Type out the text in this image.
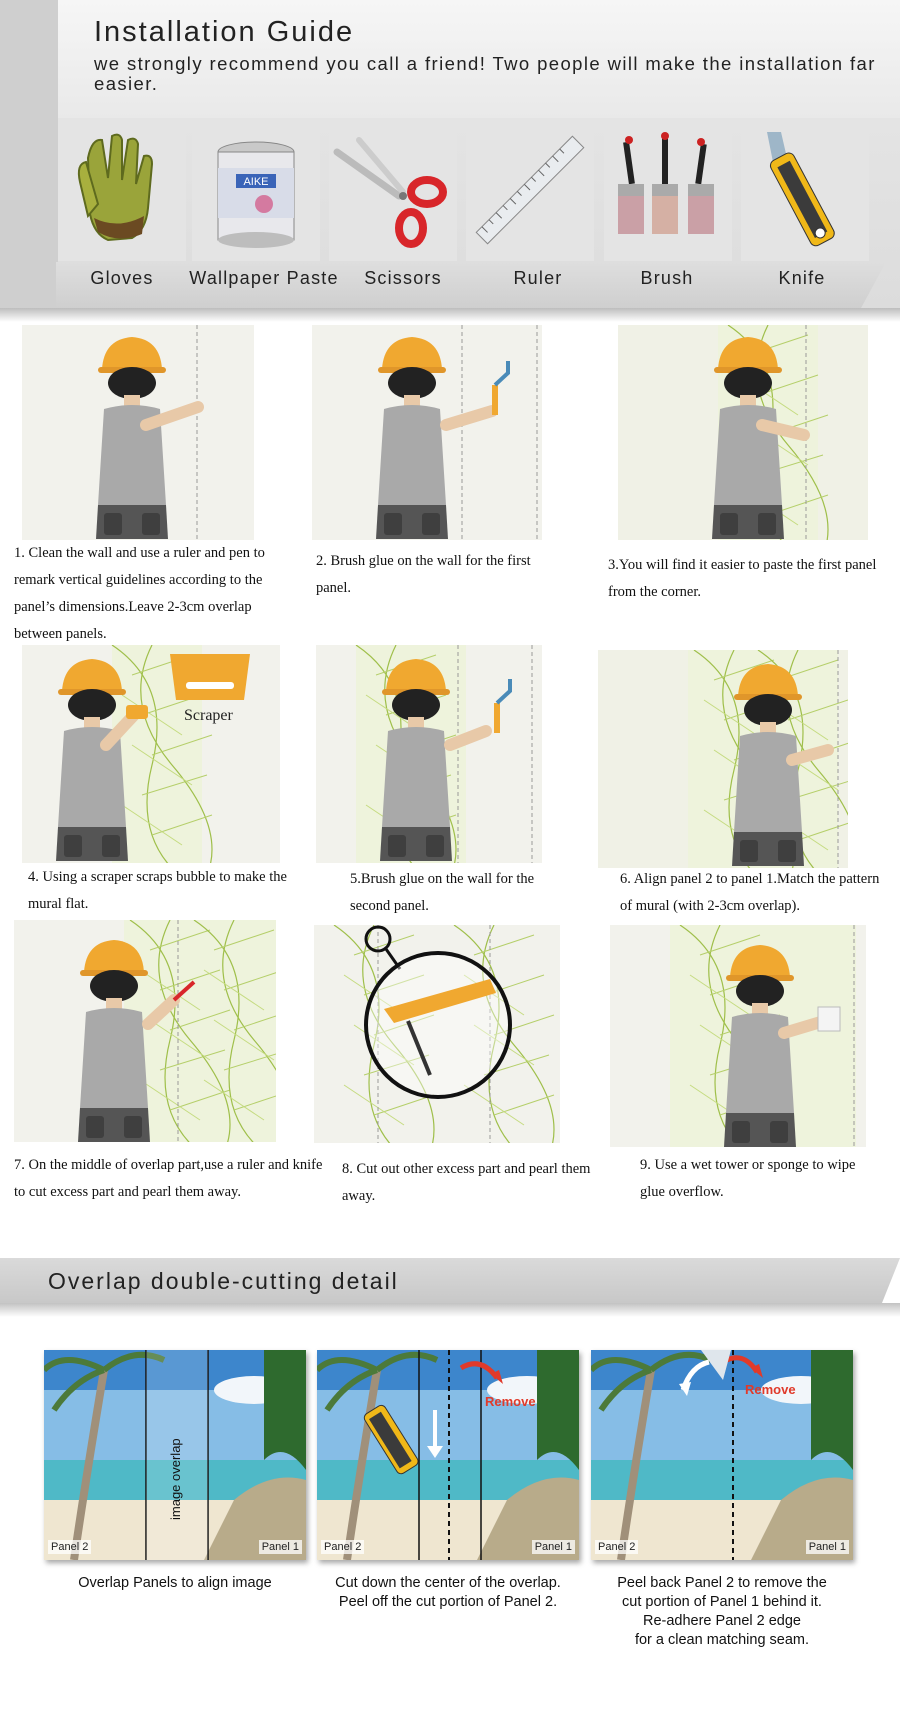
Installation Guide
we strongly recommend you call a friend! Two people will make the installation far easier.
AIKE
Gloves	Wallpaper Paste	Scissors	Ruler	Brush	Knife
1. Clean the wall and use a ruler and pen to remark vertical guidelines according to the panel’s dimensions.Leave 2-3cm overlap between panels.
2. Brush glue on the wall for the first panel.
3.You will find it easier to paste the first panel from the corner.
Scraper
4. Using a scraper scraps bubble to make the mural flat.
5.Brush glue on the wall for the second panel.
6. Align panel 2 to panel 1.Match the pattern of mural (with 2-3cm overlap).
7. On the middle of overlap part,use a ruler and knife to cut excess part and pearl them away.
8. Cut out other excess part and pearl them away.
9. Use a wet tower or sponge to wipe glue overflow.
Overlap double-cutting detail
image overlap
Panel 2	Panel 1
Remove
Panel 2	Panel 1
Remove
Panel 2	Panel 1
Overlap Panels to align image	Cut down the center of the overlap.
Peel off the cut portion of Panel 2.
Peel back Panel 2 to remove the
cut portion of Panel 1 behind it.
Re-adhere Panel 2 edge
for a clean matching seam.
